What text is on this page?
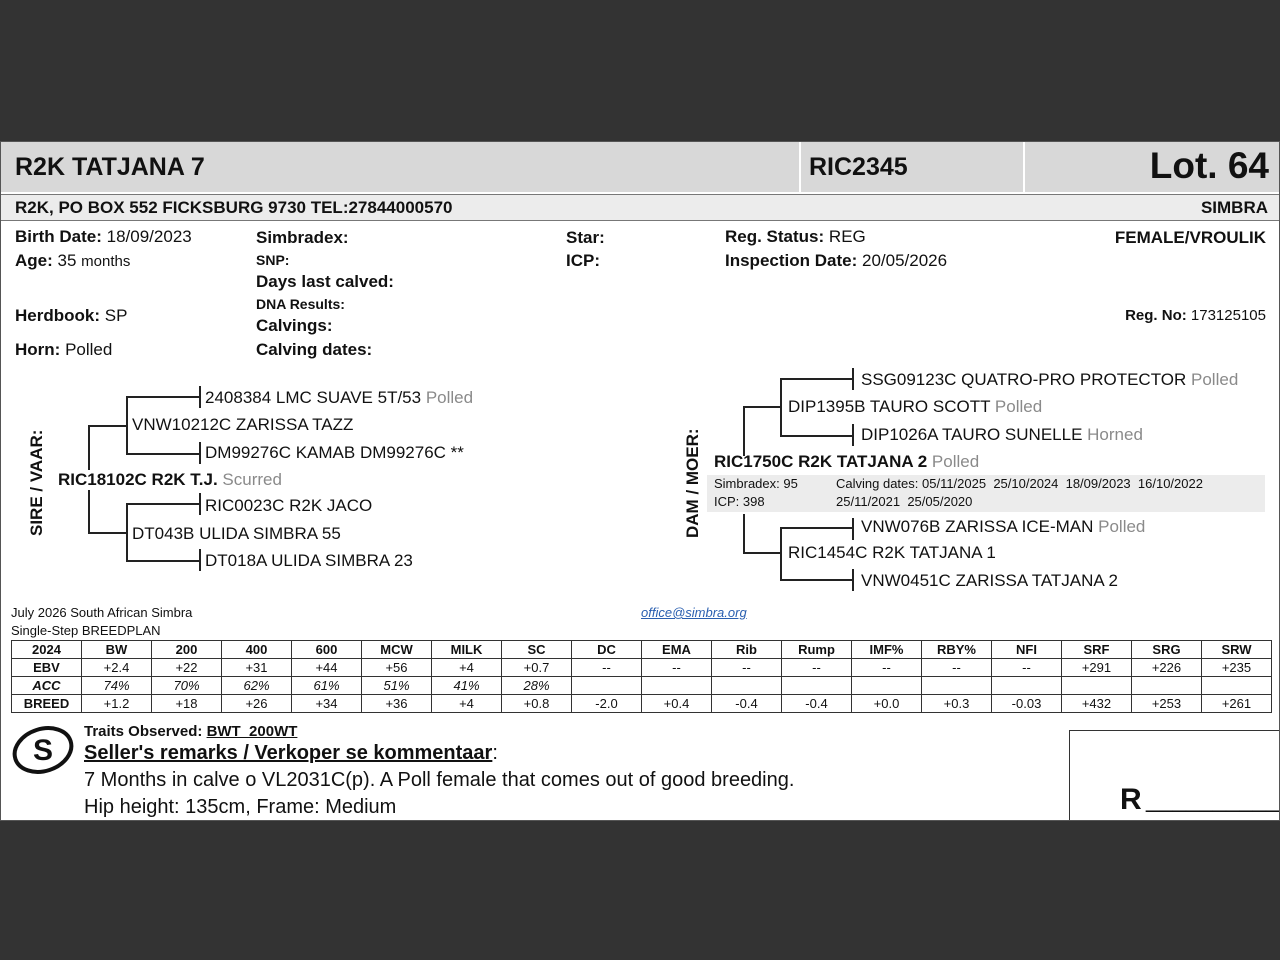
R2K TATJANA 7	RIC2345	Lot. 64
R2K, PO BOX 552 FICKSBURG 9730 TEL:27844000570	SIMBRA
Birth Date: 18/09/2023
Age: 35 months
Herdbook: SP
Horn: Polled
Simbradex:
SNP:
Days last calved:
DNA Results:
Calvings:
Calving dates:
Star:
ICP:
Reg. Status: REG
Inspection Date: 20/05/2026
FEMALE/VROULIK
Reg. No: 173125105
SIRE / VAAR:
2408384 LMC SUAVE 5T/53 Polled
VNW10212C ZARISSA TAZZ
DM99276C KAMAB DM99276C **
RIC18102C R2K T.J. Scurred
RIC0023C R2K JACO
DT043B ULIDA SIMBRA 55
DT018A ULIDA SIMBRA 23
DAM / MOER:
SSG09123C QUATRO-PRO PROTECTOR Polled
DIP1395B TAURO SCOTT Polled
DIP1026A TAURO SUNELLE Horned
RIC1750C R2K TATJANA 2 Polled
Simbradex: 95
ICP: 398
Calving dates: 05/11/2025  25/10/2024  18/09/2023  16/10/2022
25/11/2021  25/05/2020
VNW076B ZARISSA ICE-MAN Polled
RIC1454C R2K TATJANA 1
VNW0451C ZARISSA TATJANA 2
July 2026 South African Simbra
Single-Step BREEDPLAN
office@simbra.org
2024	BW	200	400	600	MCW	MILK	SC	DC	EMA	Rib	Rump	IMF%	RBY%	NFI	SRF	SRG	SRW
EBV	+2.4	+22	+31	+44	+56	+4	+0.7	--	--	--	--	--	--	--	+291	+226	+235
ACC	74%	70%	62%	61%	51%	41%	28%										
BREED	+1.2	+18	+26	+34	+36	+4	+0.8	-2.0	+0.4	-0.4	-0.4	+0.0	+0.3	-0.03	+432	+253	+261
S
Traits Observed: BWT  200WT
Seller's remarks / Verkoper se kommentaar:
7 Months in calve o VL2031C(p). A Poll female that comes out of good breeding.
Hip height: 135cm, Frame: Medium	R __________
